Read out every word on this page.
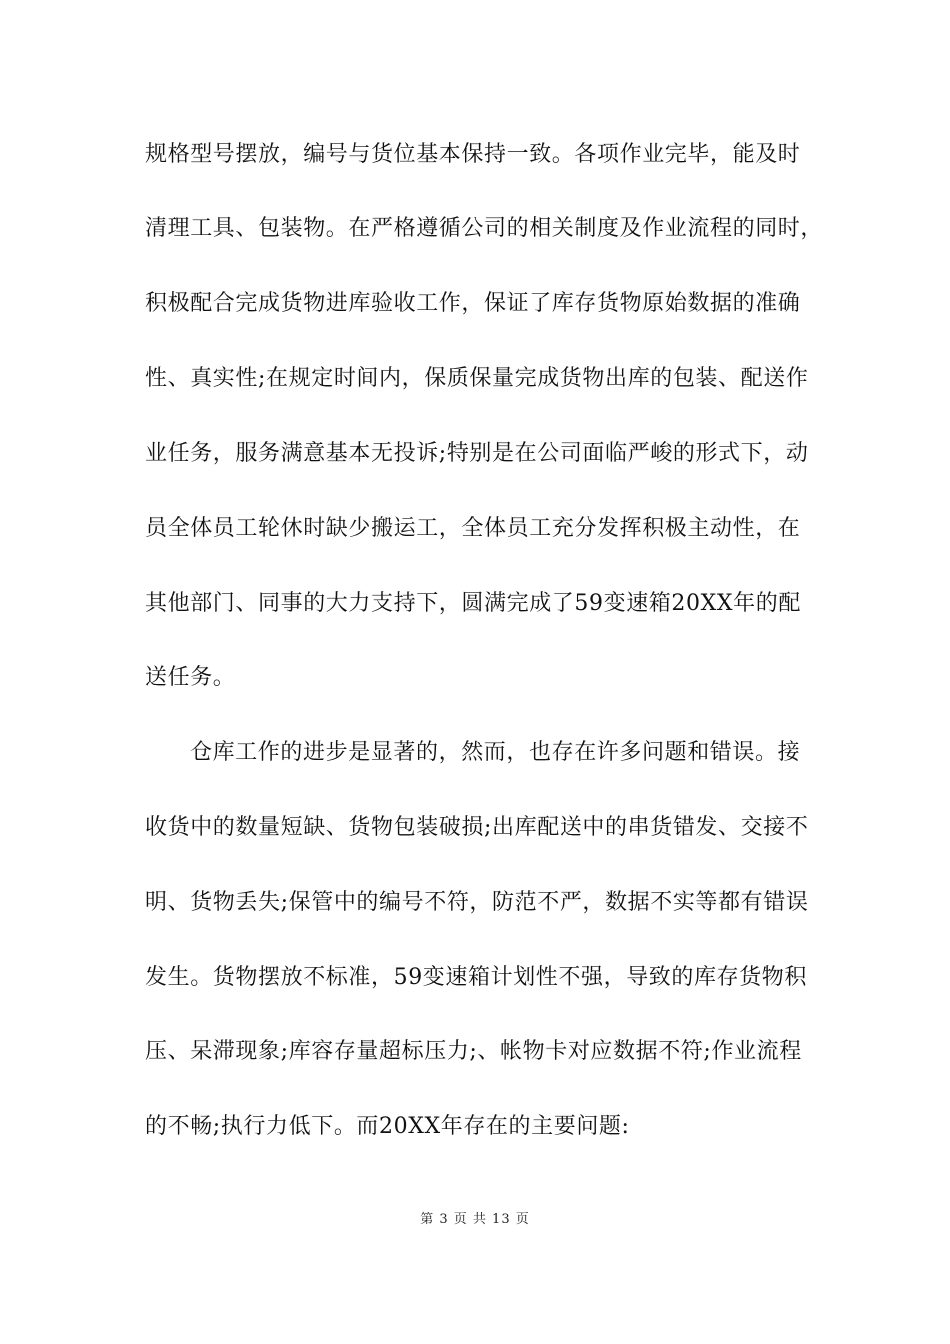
规格型号摆放，编号与货位基本保持一致。各项作业完毕，能及时
清理工具、包装物。在严格遵循公司的相关制度及作业流程的同时，
积极配合完成货物进库验收工作，保证了库存货物原始数据的准确
性、真实性;在规定时间内，保质保量完成货物出库的包装、配送作
业任务，服务满意基本无投诉;特别是在公司面临严峻的形式下，动
员全体员工轮休时缺少搬运工，全体员工充分发挥积极主动性，在
其他部门、同事的大力支持下，圆满完成了59变速箱20XX年的配
送任务。
仓库工作的进步是显著的，然而，也存在许多问题和错误。接
收货中的数量短缺、货物包装破损;出库配送中的串货错发、交接不
明、货物丢失;保管中的编号不符，防范不严，数据不实等都有错误
发生。货物摆放不标准，59变速箱计划性不强，导致的库存货物积
压、呆滞现象;库容存量超标压力;、帐物卡对应数据不符;作业流程
的不畅;执行力低下。而20XX年存在的主要问题:
第 3 页 共 13 页
